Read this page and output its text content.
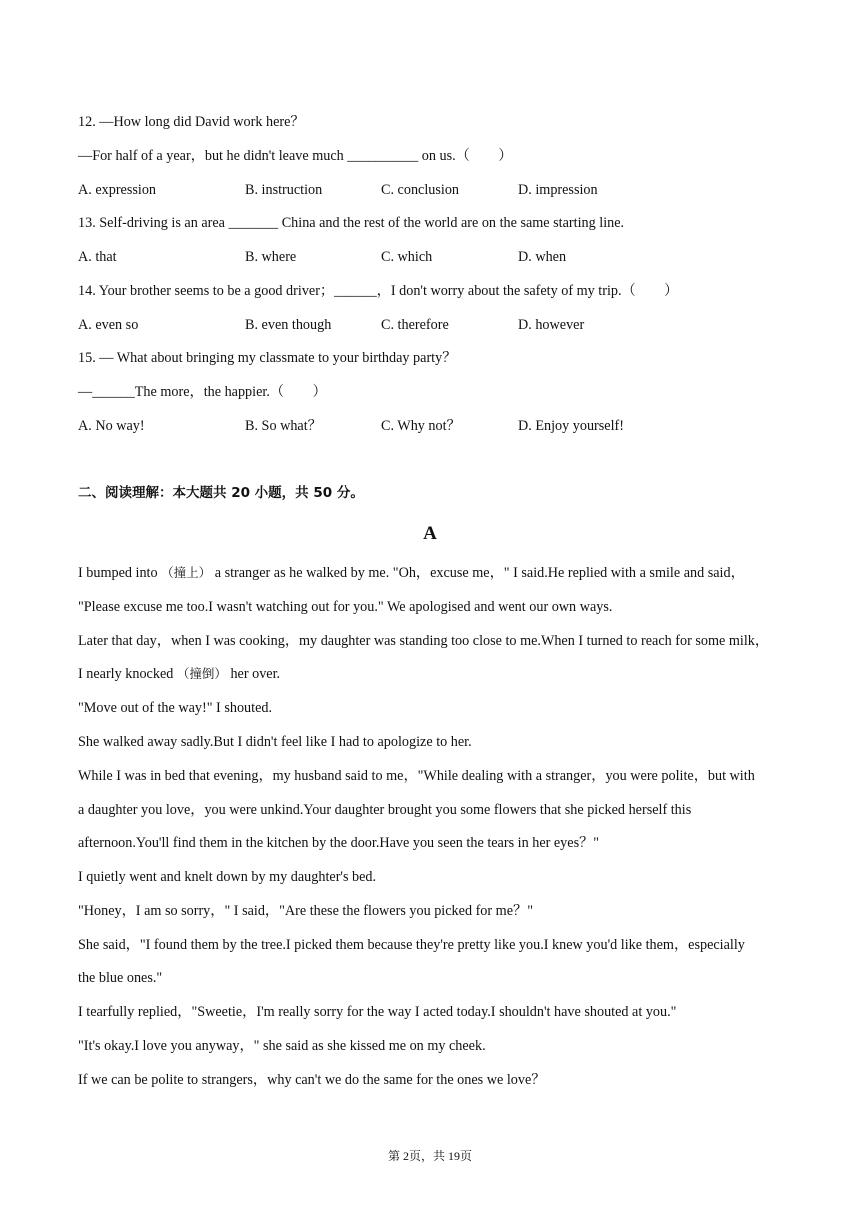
12. —How long did David work here？
—For half of a year，but he didn't leave much __________ on us.（　　）
A. expression	B. instruction	C. conclusion	D. impression
13. Self-driving is an area _______ China and the rest of the world are on the same starting line.
A. that	B. where	C. which	D. when
14. Your brother seems to be a good driver；______，I don't worry about the safety of my trip.（　　）
A. even so	B. even though	C. therefore	D. however
15. — What about bringing my classmate to your birthday party？
—______The more，the happier.（　　）
A. No way!	B. So what？	C. Why not？	D. Enjoy yourself!
二、阅读理解：本大题共 20 小题，共 50 分。
A
I bumped into （撞上） a stranger as he walked by me. "Oh，excuse me，" I said.He replied with a smile and said，
"Please excuse me too.I wasn't watching out for you." We apologised and went our own ways.
Later that day，when I was cooking，my daughter was standing too close to me.When I turned to reach for some milk，
I nearly knocked （撞倒） her over.
"Move out of the way!" I shouted.
She walked away sadly.But I didn't feel like I had to apologize to her.
While I was in bed that evening，my husband said to me，"While dealing with a stranger，you were polite，but with
a daughter you love，you were unkind.Your daughter brought you some flowers that she picked herself this
afternoon.You'll find them in the kitchen by the door.Have you seen the tears in her eyes？"
I quietly went and knelt down by my daughter's bed.
"Honey，I am so sorry，" I said，"Are these the flowers you picked for me？"
She said，"I found them by the tree.I picked them because they're pretty like you.I knew you'd like them，especially
the blue ones."
I tearfully replied，"Sweetie，I'm really sorry for the way I acted today.I shouldn't have shouted at you."
"It's okay.I love you anyway，" she said as she kissed me on my cheek.
If we can be polite to strangers，why can't we do the same for the ones we love？
第 2页，共 19页
